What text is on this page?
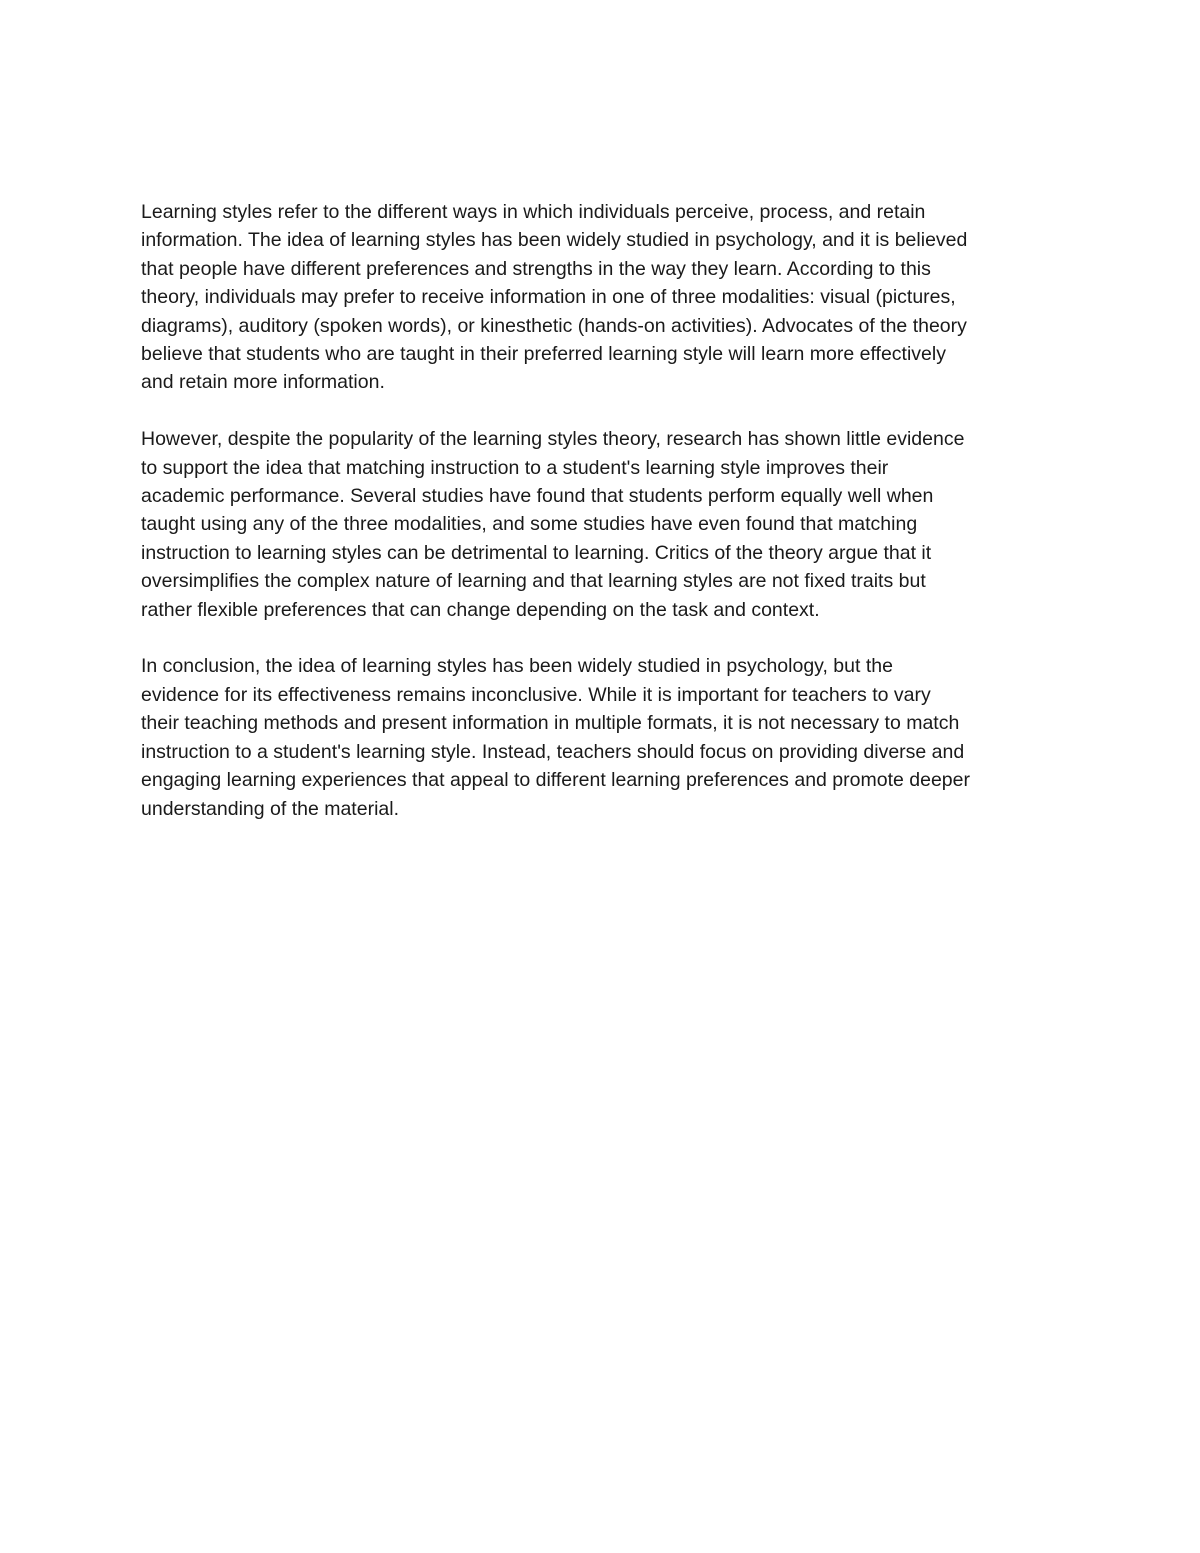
Learning styles refer to the different ways in which individuals perceive, process, and retain
information. The idea of learning styles has been widely studied in psychology, and it is believed
that people have different preferences and strengths in the way they learn. According to this
theory, individuals may prefer to receive information in one of three modalities: visual (pictures,
diagrams), auditory (spoken words), or kinesthetic (hands-on activities). Advocates of the theory
believe that students who are taught in their preferred learning style will learn more effectively
and retain more information.

However, despite the popularity of the learning styles theory, research has shown little evidence
to support the idea that matching instruction to a student's learning style improves their
academic performance. Several studies have found that students perform equally well when
taught using any of the three modalities, and some studies have even found that matching
instruction to learning styles can be detrimental to learning. Critics of the theory argue that it
oversimplifies the complex nature of learning and that learning styles are not fixed traits but
rather flexible preferences that can change depending on the task and context.

In conclusion, the idea of learning styles has been widely studied in psychology, but the
evidence for its effectiveness remains inconclusive. While it is important for teachers to vary
their teaching methods and present information in multiple formats, it is not necessary to match
instruction to a student's learning style. Instead, teachers should focus on providing diverse and
engaging learning experiences that appeal to different learning preferences and promote deeper
understanding of the material.
